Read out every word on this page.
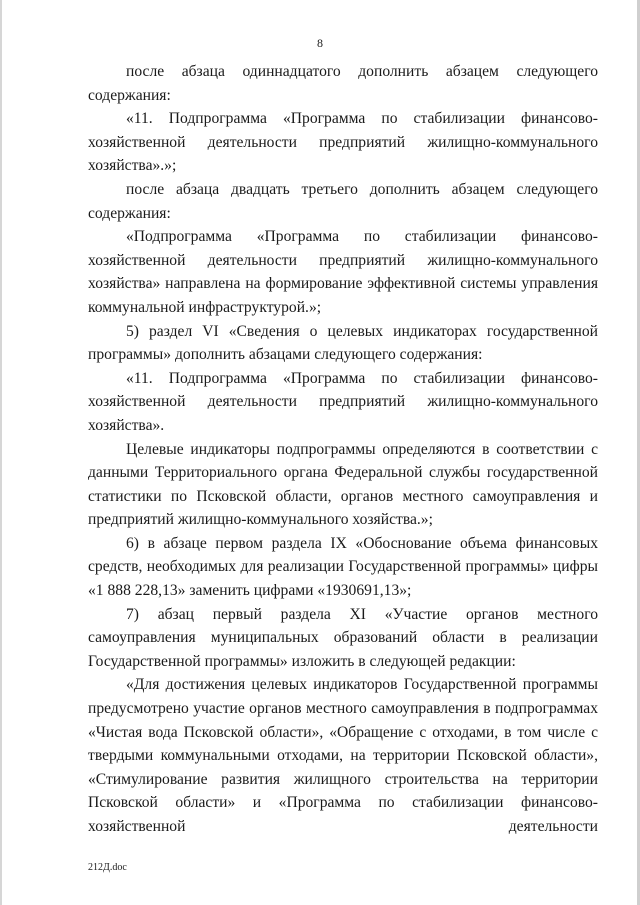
8

после абзаца одиннадцатого дополнить абзацем следующего содержания:

«11. Подпрограмма «Программа по стабилизации финансово-хозяйственной деятельности предприятий жилищно-коммунального хозяйства».»;

после абзаца двадцать третьего дополнить абзацем следующего содержания:

«Подпрограмма «Программа по стабилизации финансово-хозяйственной деятельности предприятий жилищно-коммунального хозяйства» направлена на формирование эффективной системы управления коммунальной инфраструктурой.»;

5) раздел VI «Сведения о целевых индикаторах государственной программы» дополнить абзацами следующего содержания:

«11. Подпрограмма «Программа по стабилизации финансово-хозяйственной деятельности предприятий жилищно-коммунального хозяйства».

Целевые индикаторы подпрограммы определяются в соответствии с данными Территориального органа Федеральной службы государственной статистики по Псковской области, органов местного самоуправления и предприятий жилищно-коммунального хозяйства.»;

6) в абзаце первом раздела IX «Обоснование объема финансовых средств, необходимых для реализации Государственной программы» цифры «1 888 228,13» заменить цифрами «1930691,13»;

7) абзац первый раздела XI «Участие органов местного самоуправления муниципальных образований области в реализации Государственной программы» изложить в следующей редакции:

«Для достижения целевых индикаторов Государственной программы предусмотрено участие органов местного самоуправления в подпрограммах «Чистая вода Псковской области», «Обращение с отходами, в том числе с твердыми коммунальными отходами, на территории Псковской области», «Стимулирование развития жилищного строительства на территории Псковской области» и «Программа по стабилизации финансово-хозяйственной деятельности

212Д.doc
